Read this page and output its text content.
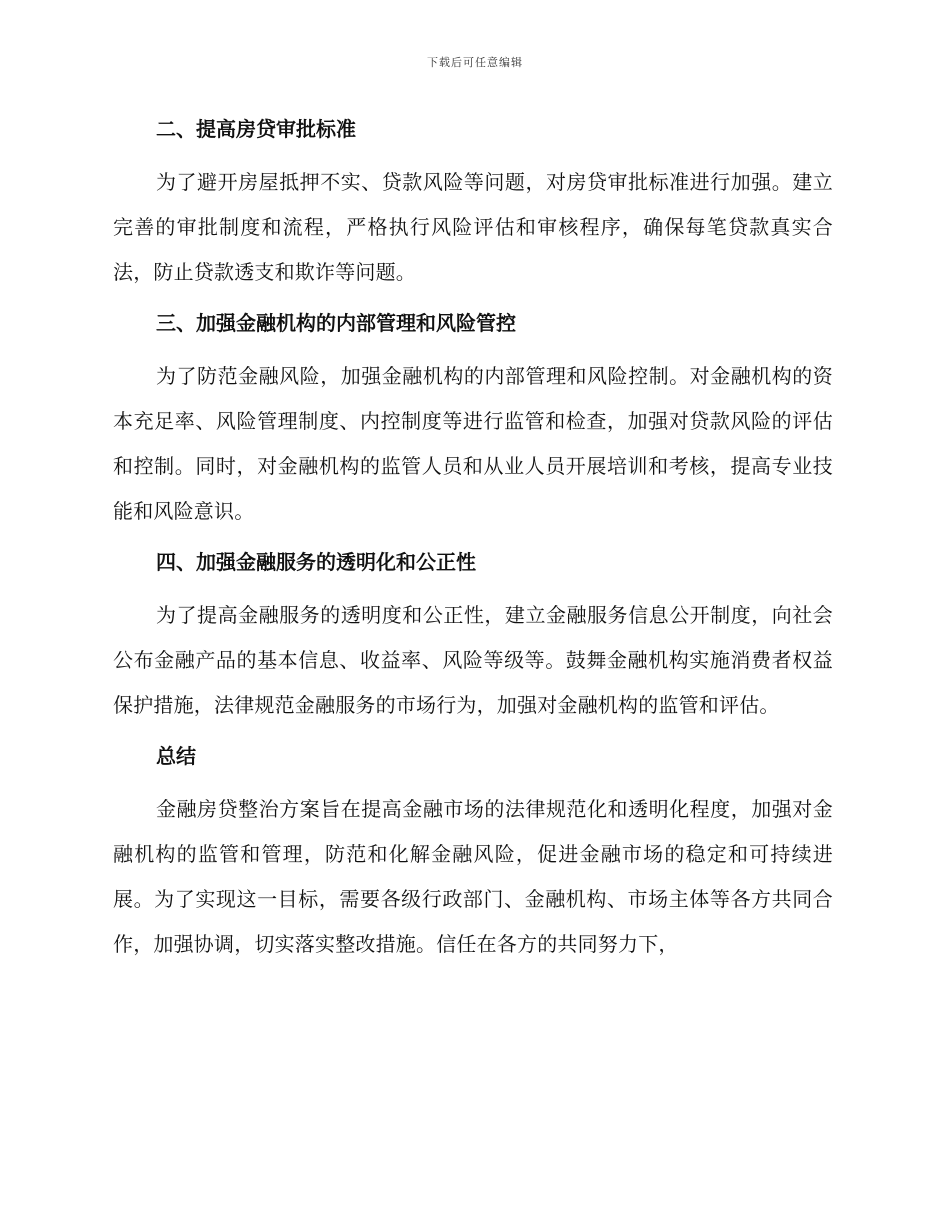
下载后可任意编辑
二、提高房贷审批标准
为了避开房屋抵押不实、贷款风险等问题，对房贷审批标准进行加强。建立完善的审批制度和流程，严格执行风险评估和审核程序，确保每笔贷款真实合法，防止贷款透支和欺诈等问题。
三、加强金融机构的内部管理和风险管控
为了防范金融风险，加强金融机构的内部管理和风险控制。对金融机构的资本充足率、风险管理制度、内控制度等进行监管和检查，加强对贷款风险的评估和控制。同时，对金融机构的监管人员和从业人员开展培训和考核，提高专业技能和风险意识。
四、加强金融服务的透明化和公正性
为了提高金融服务的透明度和公正性，建立金融服务信息公开制度，向社会公布金融产品的基本信息、收益率、风险等级等。鼓舞金融机构实施消费者权益保护措施，法律规范金融服务的市场行为，加强对金融机构的监管和评估。
总结
金融房贷整治方案旨在提高金融市场的法律规范化和透明化程度，加强对金融机构的监管和管理，防范和化解金融风险，促进金融市场的稳定和可持续进展。为了实现这一目标，需要各级行政部门、金融机构、市场主体等各方共同合作，加强协调，切实落实整改措施。信任在各方的共同努力下，
